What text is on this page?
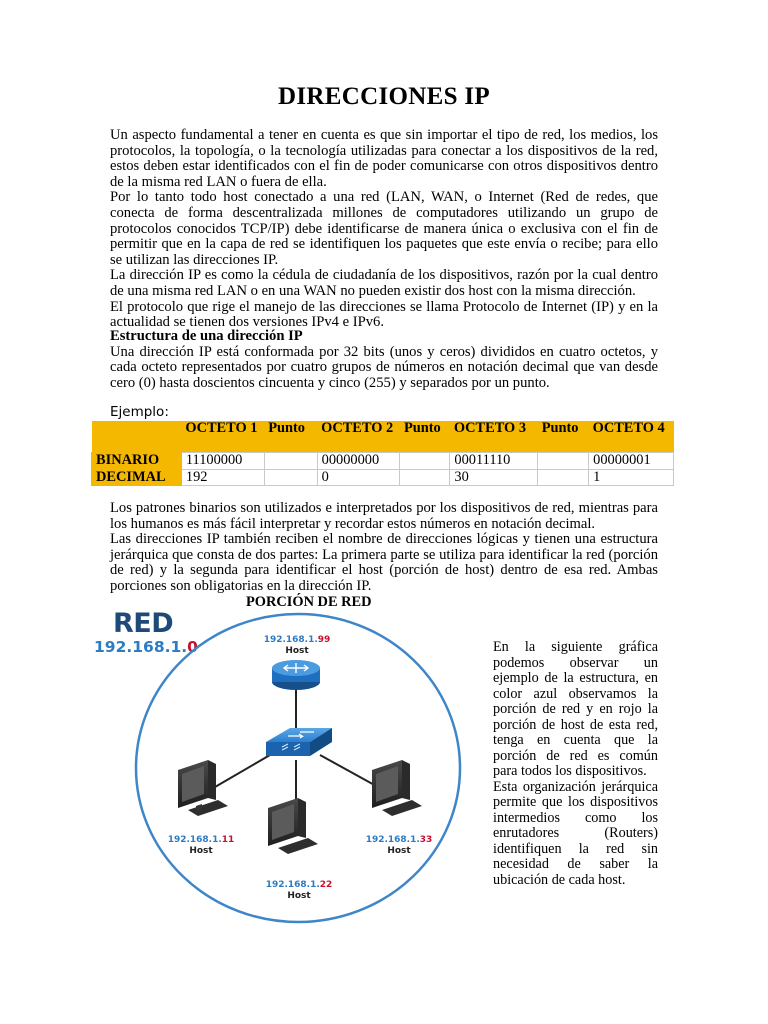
DIRECCIONES IP

Un aspecto fundamental a tener en cuenta es que sin importar el tipo de red, los medios, los protocolos, la topología, o la tecnología utilizadas para conectar a los dispositivos de la red, estos deben estar identificados con el fin de poder comunicarse con otros dispositivos dentro de la misma red LAN o fuera de ella.

Por lo tanto todo host conectado a una red (LAN, WAN, o Internet (Red de redes, que conecta de forma descentralizada millones de computadores utilizando un grupo de protocolos conocidos TCP/IP) debe identificarse de manera única o exclusiva con el fin de permitir que en la capa de red se identifiquen los paquetes que este envía o recibe; para ello se utilizan las direcciones IP.

La dirección IP es como la cédula de ciudadanía de los dispositivos, razón por la cual dentro de una misma red LAN o en una WAN no pueden existir dos host con la misma dirección.

El protocolo que rige el manejo de las direcciones se llama Protocolo de Internet (IP) y en la actualidad se tienen dos versiones IPv4 e IPv6.

Estructura de una dirección IP

Una dirección IP está conformada por 32 bits (unos y ceros) divididos en cuatro octetos, y cada octeto representados por cuatro grupos de números en notación decimal que van desde cero (0) hasta doscientos cincuenta y cinco (255) y separados por un punto.

Ejemplo:
	OCTETO 1	Punto	OCTETO 2	Punto	OCTETO 3	Punto	OCTETO 4
BINARIO	11100000		00000000		00011110		00000001
DECIMAL	192		0		30		1

Los patrones binarios son utilizados e interpretados por los dispositivos de red, mientras para los humanos es más fácil interpretar y recordar estos números en notación decimal.

Las direcciones IP también reciben el nombre de direcciones lógicas y tienen una estructura jerárquica que consta de dos partes: La primera parte se utiliza para identificar la red (porción de red) y la segunda para identificar el host (porción de host) dentro de esa red. Ambas porciones son obligatorias en la dirección IP.

PORCIÓN DE RED
RED
192.168.1.0	192.168.1.99
Host
192.168.1.11
Host
192.168.1.22
Host
192.168.1.33
Host

En la siguiente gráfica podemos observar un ejemplo de la estructura, en color azul observamos la porción de red y en rojo la porción de host de esta red, tenga en cuenta que la porción de red es común para todos los dispositivos.

Esta organización jerárquica permite que los dispositivos intermedios como los enrutadores (Routers) identifiquen la red sin necesidad de saber la ubicación de cada host.
